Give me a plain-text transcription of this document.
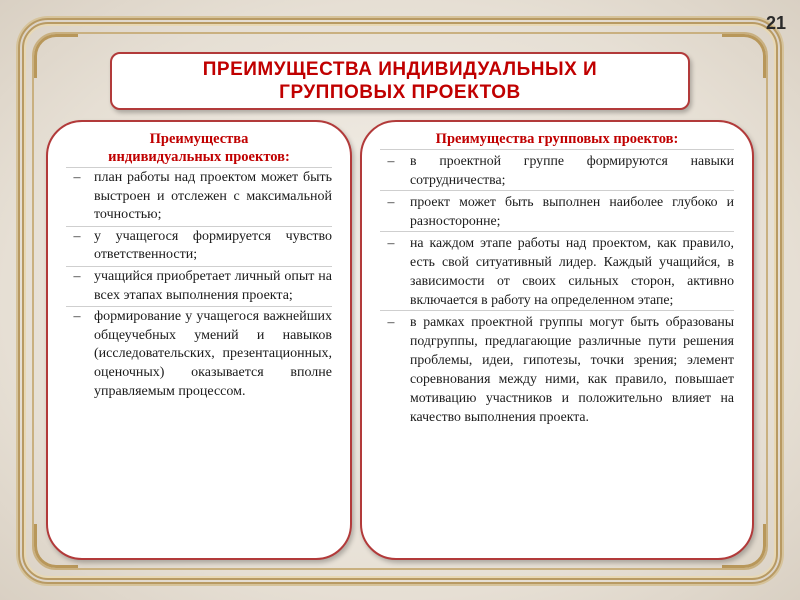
21
ПРЕИМУЩЕСТВА ИНДИВИДУАЛЬНЫХ И
ГРУППОВЫХ ПРОЕКТОВ
Преимущества
индивидуальных проектов:
– план работы над проектом может быть выстроен и отслежен с максимальной точностью;
– у учащегося формируется чувство ответственности;
– учащийся приобретает личный опыт на всех этапах выполнения проекта;
– формирование у учащегося важнейших общеучебных умений и навыков (исследовательских, презентационных, оценочных) оказывается вполне управляемым процессом.
Преимущества групповых проектов:
– в проектной группе формируются навыки сотрудничества;
– проект может быть выполнен наиболее глубоко и разносторонне;
– на каждом этапе работы над проектом, как правило, есть свой ситуативный лидер. Каждый учащийся, в зависимости от своих сильных сторон, активно включается в работу на определенном этапе;
– в рамках проектной группы могут быть образованы подгруппы, предлагающие различные пути решения проблемы, идеи, гипотезы, точки зрения; элемент соревнования между ними, как правило, повышает мотивацию участников и положительно влияет на качество выполнения проекта.
